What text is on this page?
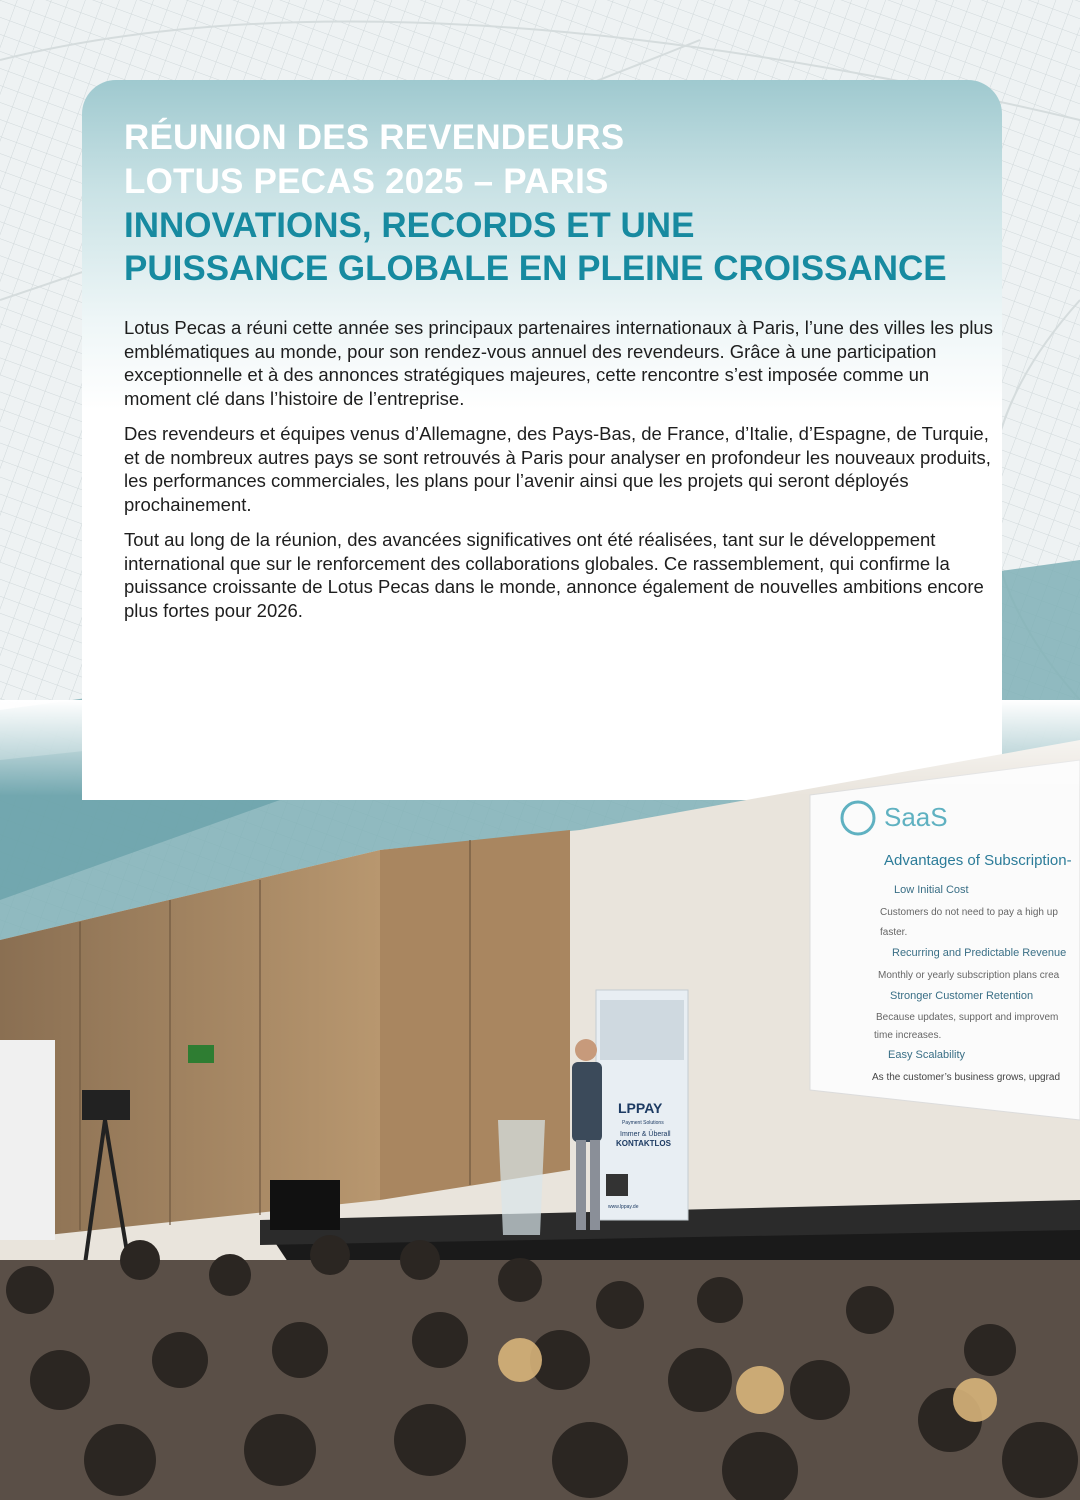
RÉUNION DES REVENDEURS
LOTUS PECAS 2025 – PARIS
INNOVATIONS, RECORDS ET UNE
PUISSANCE GLOBALE EN PLEINE CROISSANCE

Lotus Pecas a réuni cette année ses principaux partenaires internationaux à Paris, l’une des villes les plus emblématiques au monde, pour son rendez-vous annuel des revendeurs. Grâce à une participation exceptionnelle et à des annonces stratégiques majeures, cette rencontre s’est imposée comme un moment clé dans l’histoire de l’entreprise.

Des revendeurs et équipes venus d’Allemagne, des Pays-Bas, de France, d’Italie, d’Espagne, de Turquie, et de nombreux autres pays se sont retrouvés à Paris pour analyser en profondeur les nouveaux produits, les performances commerciales, les plans pour l’avenir ainsi que les projets qui seront déployés prochainement.

Tout au long de la réunion, des avancées significatives ont été réalisées, tant sur le développement international que sur le renforcement des collaborations globales. Ce rassemblement, qui confirme la puissance croissante de Lotus Pecas dans le monde, annonce également de nouvelles ambitions encore plus fortes pour 2026.
